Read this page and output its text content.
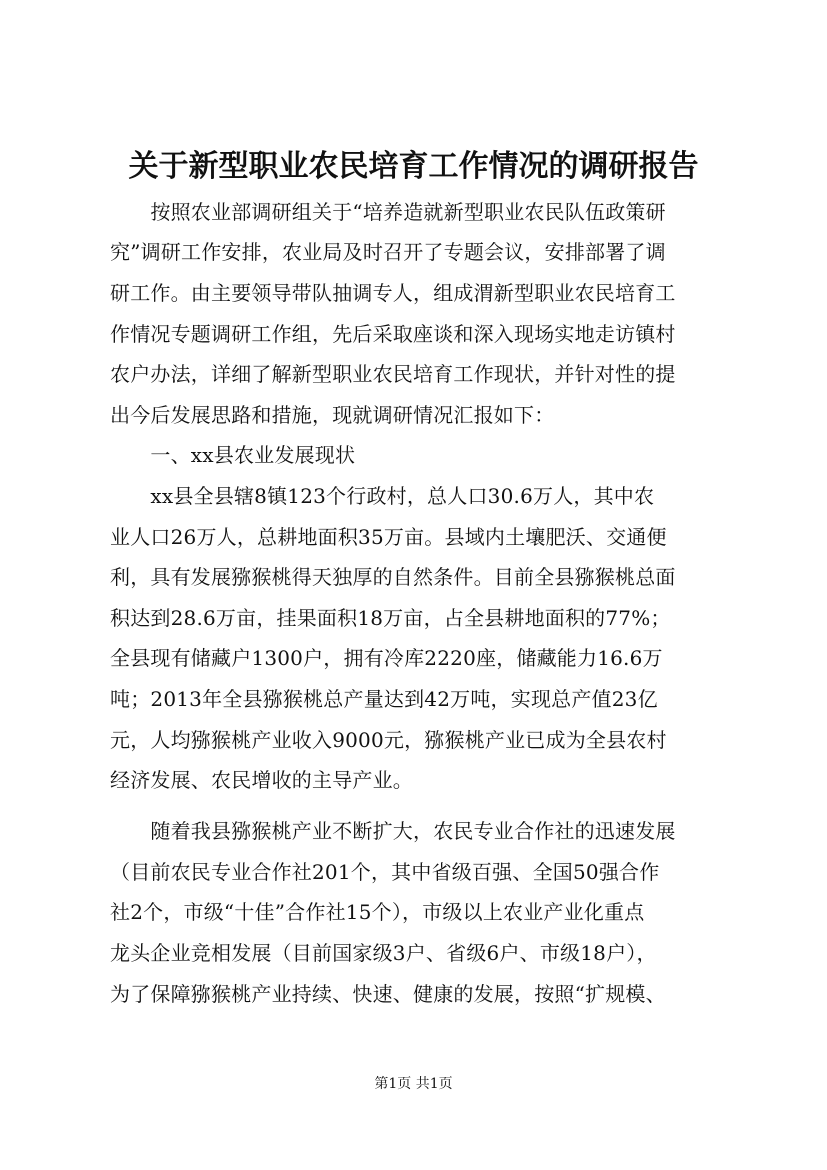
关于新型职业农民培育工作情况的调研报告
　　按照农业部调研组关于“培养造就新型职业农民队伍政策研
究”调研工作安排，农业局及时召开了专题会议，安排部署了调
研工作。由主要领导带队抽调专人，组成渭新型职业农民培育工
作情况专题调研工作组，先后采取座谈和深入现场实地走访镇村
农户办法，详细了解新型职业农民培育工作现状，并针对性的提
出今后发展思路和措施，现就调研情况汇报如下：
　　一、xx县农业发展现状
　　xx县全县辖8镇123个行政村，总人口30.6万人，其中农
业人口26万人，总耕地面积35万亩。县域内土壤肥沃、交通便
利，具有发展猕猴桃得天独厚的自然条件。目前全县猕猴桃总面
积达到28.6万亩，挂果面积18万亩，占全县耕地面积的77%；
全县现有储藏户1300户，拥有冷库2220座，储藏能力16.6万
吨；2013年全县猕猴桃总产量达到42万吨，实现总产值23亿
元，人均猕猴桃产业收入9000元，猕猴桃产业已成为全县农村
经济发展、农民增收的主导产业。
　　随着我县猕猴桃产业不断扩大，农民专业合作社的迅速发展
（目前农民专业合作社201个，其中省级百强、全国50强合作
社2个，市级“十佳”合作社15个），市级以上农业产业化重点
龙头企业竞相发展（目前国家级3户、省级6户、市级18户），
为了保障猕猴桃产业持续、快速、健康的发展，按照“扩规模、
第1页 共1页
